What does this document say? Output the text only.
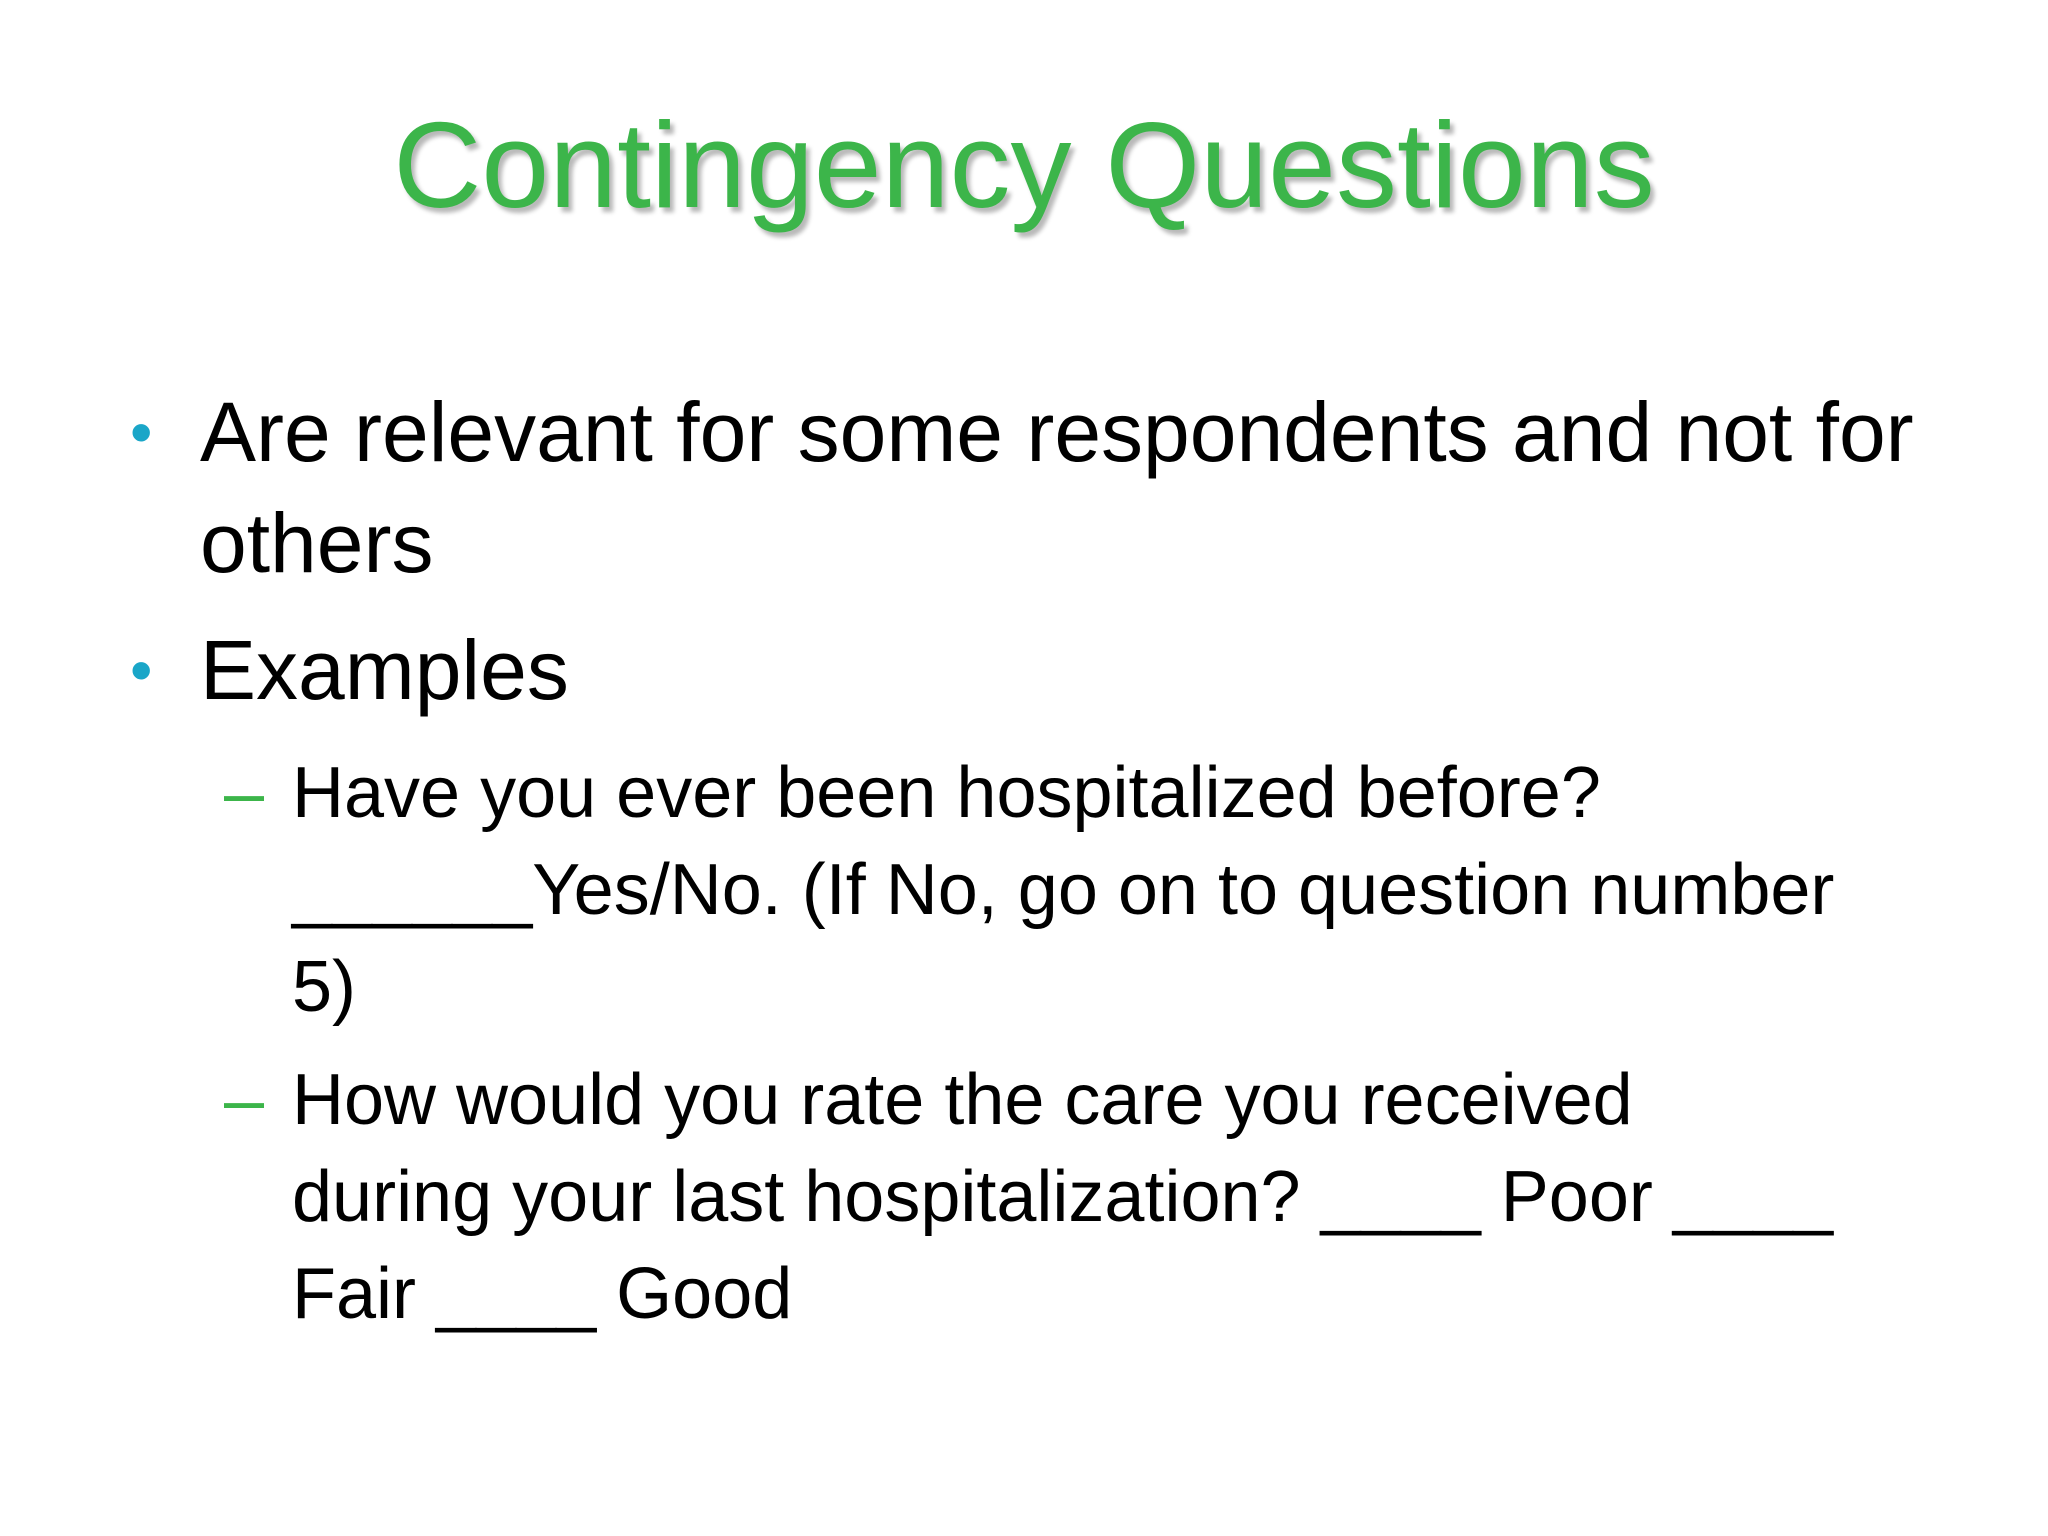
Contingency Questions
• Are relevant for some respondents and not for others
• Examples
– Have you ever been hospitalized before? ______Yes/No. (If No, go on to question number 5)
– How would you rate the care you received during your last hospitalization? ____ Poor ____ Fair ____ Good
